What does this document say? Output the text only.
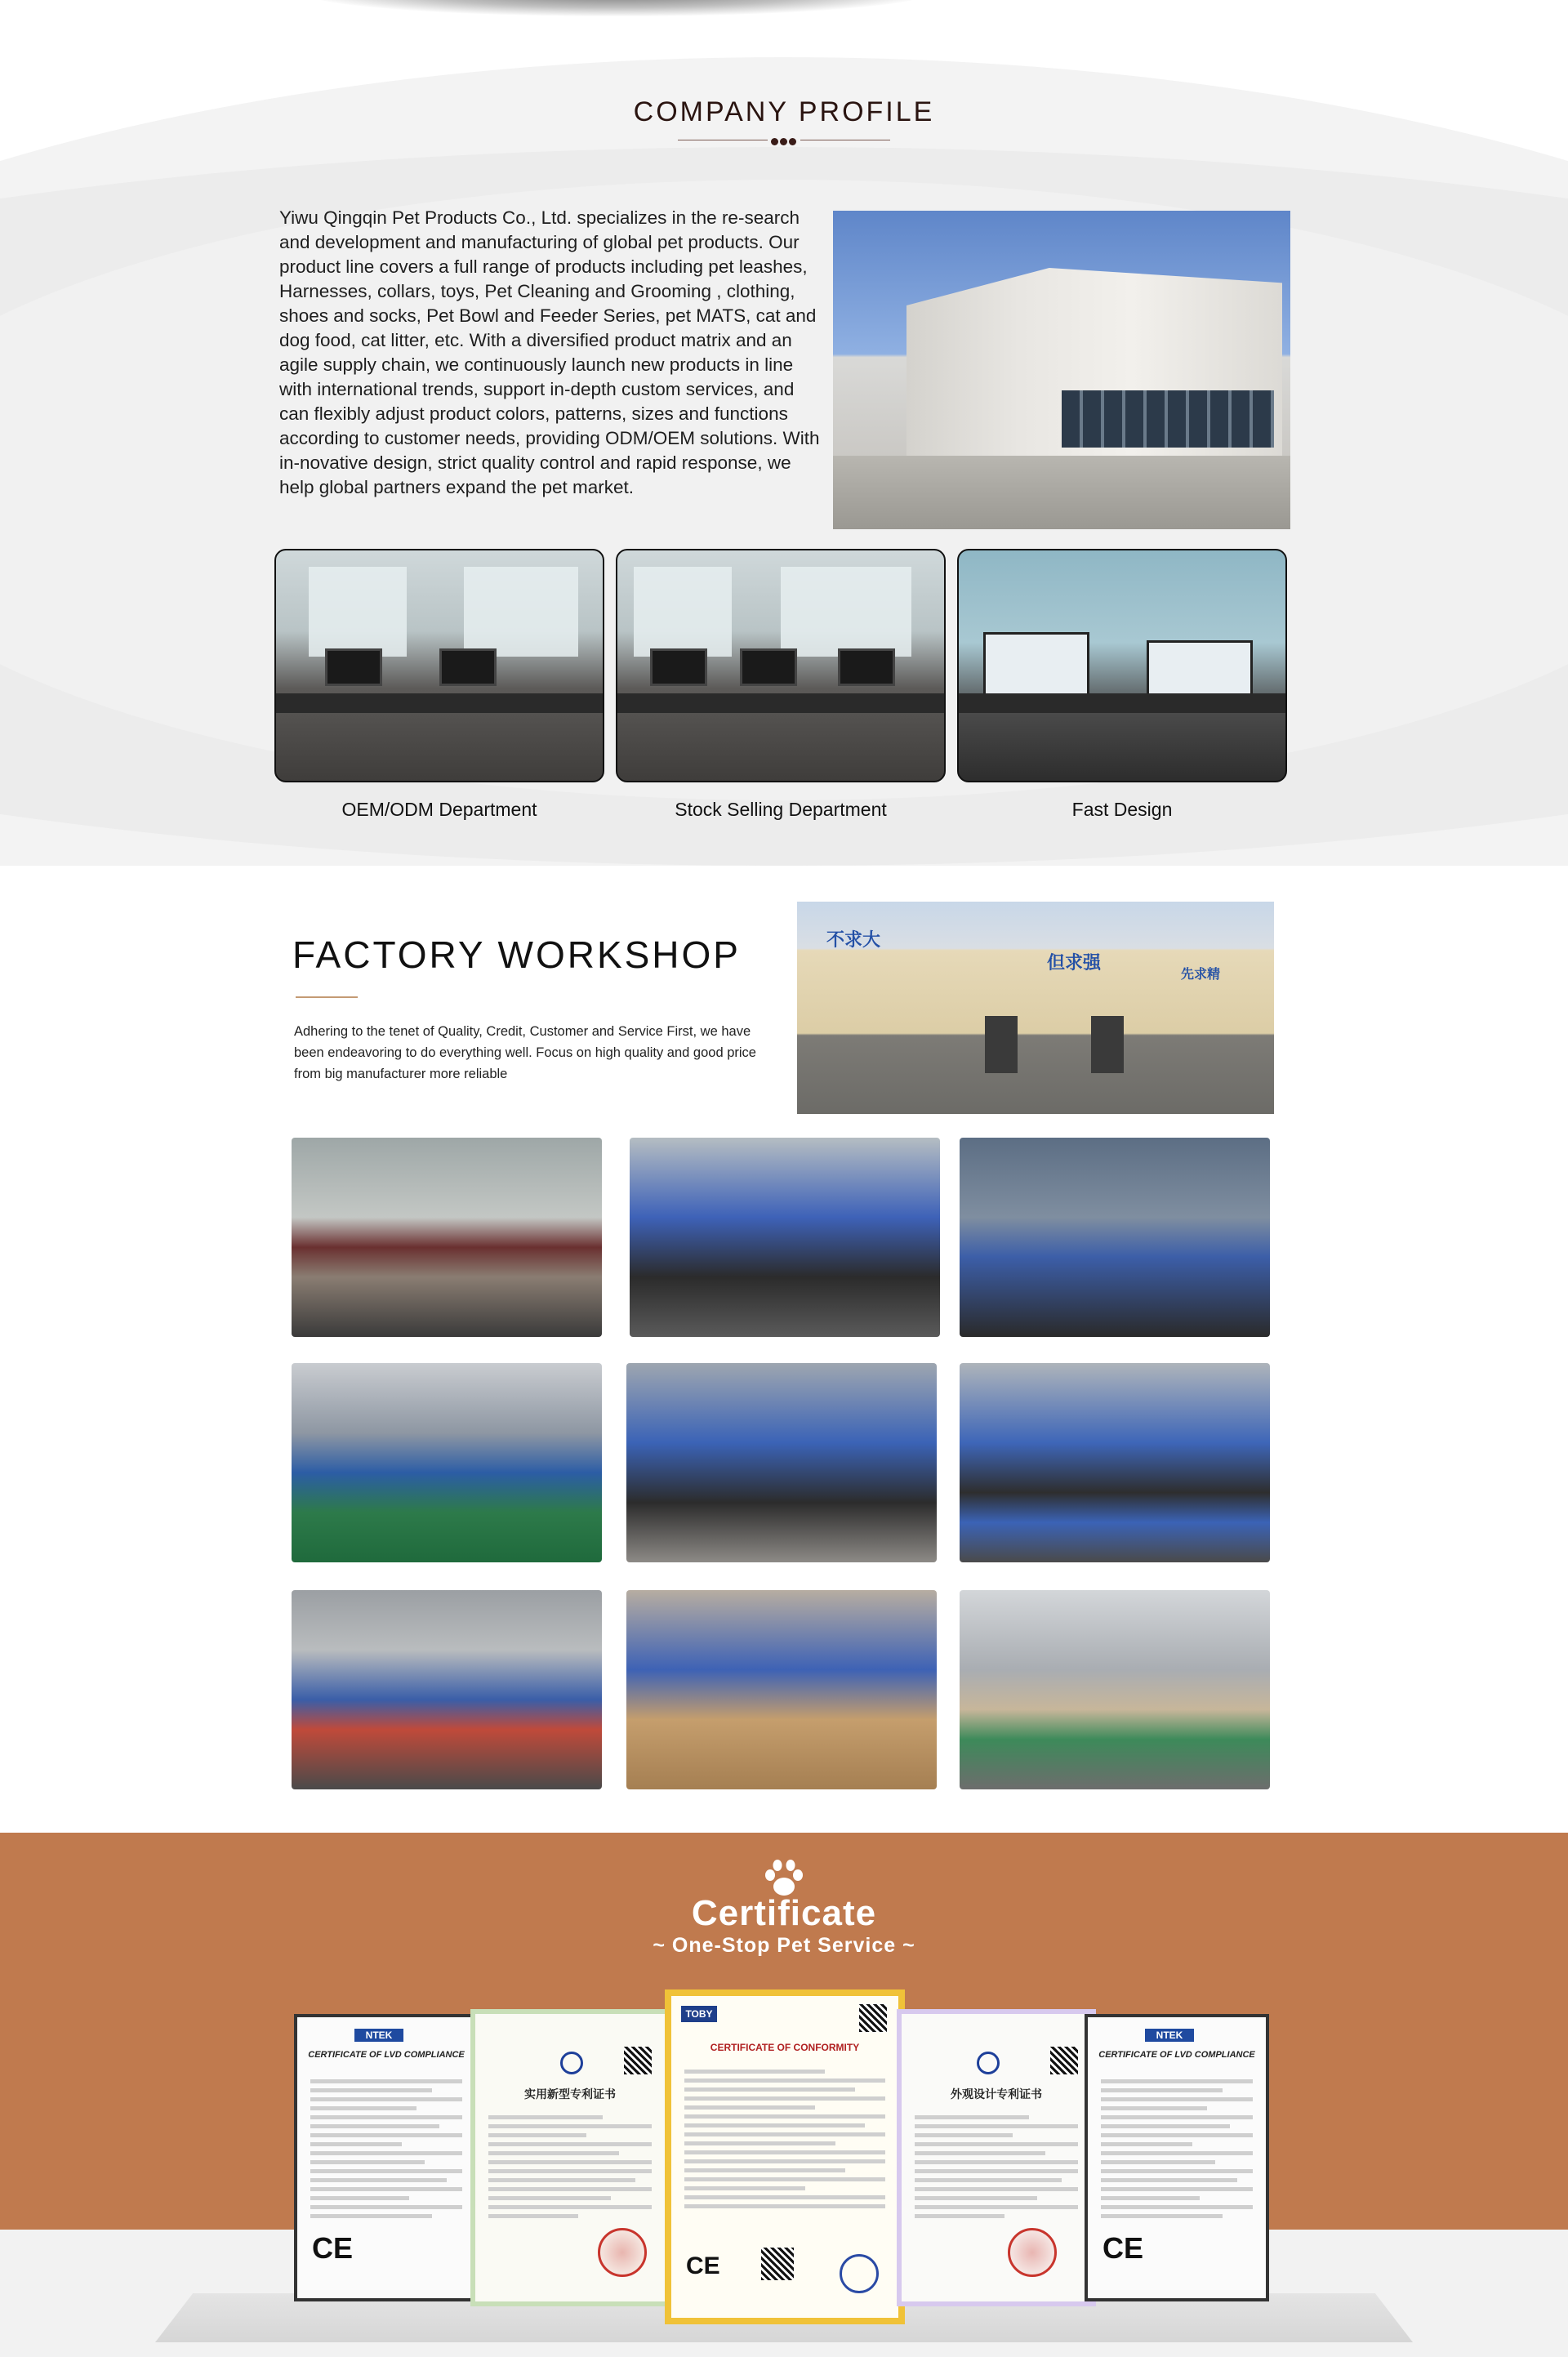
COMPANY PROFILE
Yiwu Qingqin Pet Products Co., Ltd. specializes in the re-search and development and manufacturing of global pet products. Our product line covers a full range of products including pet leashes, Harnesses, collars, toys, Pet Cleaning and Grooming , clothing, shoes and socks, Pet Bowl and Feeder Series, pet MATS, cat and dog food, cat litter, etc. With a diversified product matrix and an agile supply chain, we continuously launch new products in line with international trends, support in-depth custom services, and can flexibly adjust product colors, patterns, sizes and functions according to customer needs, providing ODM/OEM solutions. With in-novative design, strict quality control and rapid response, we help global partners expand the pet market.
OEM/ODM Department	Stock Selling Department	Fast Design
FACTORY WORKSHOP
Adhering to the tenet of Quality, Credit, Customer and Service First, we have been endeavoring to do everything well. Focus on high quality and good price from big manufacturer more reliable
不求大
但求强
先求精
Certificate
~ One-Stop Pet Service ~
NTEK
CERTIFICATE OF LVD COMPLIANCE
CE
实用新型专利证书
TOBY
CERTIFICATE OF CONFORMITY
CE
外观设计专利证书
NTEK
CERTIFICATE OF LVD COMPLIANCE
CE
